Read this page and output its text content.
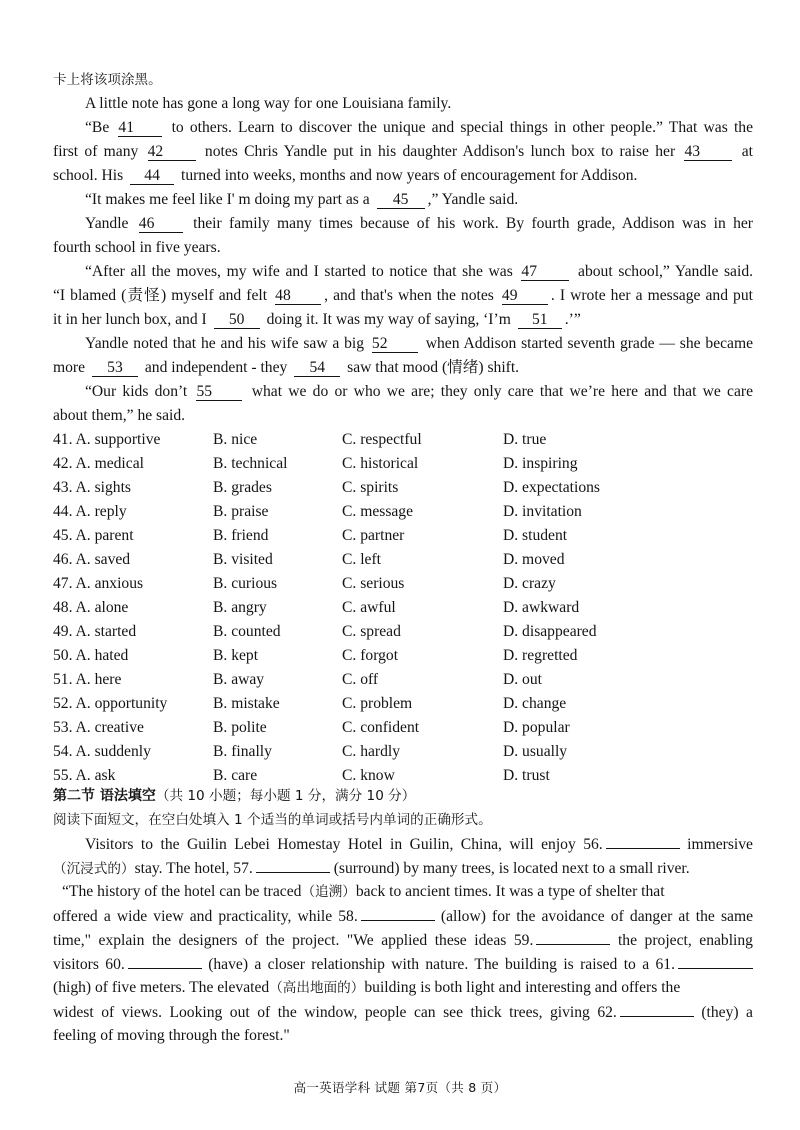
卡上将该项涂黑。
A little note has gone a long way for one Louisiana family.
“Be 41 to others. Learn to discover the unique and special things in other people.” That was the
first of many 42	notes Chris Yandle put in his daughter Addison's lunch box to raise her 43	at
school. His 44 turned into weeks, months and now years of encouragement for Addison.
“It makes me feel like I' m doing my part as a 45 ,” Yandle said.
Yandle 46 their family many times because of his work. By fourth grade, Addison was in her
fourth school in five years.
“After all the moves, my wife and I started to notice that she was 47	about school,” Yandle said.
“I blamed (责怪) myself and felt 48 , and that's when the notes 49 . I wrote her a message and put
it in her lunch box, and I 50 doing it. It was my way of saying, ‘I’m 51 .’”
Yandle noted that he and his wife saw a big 52 when Addison started seventh grade — she became
more 53 and independent - they 54 saw that mood (情绪) shift.
“Our kids don’t 55	what we do or who we are; they only care that we’re here and that we care
about them,” he said.
41. A. supportive	B. nice	C. respectful	D. true
42. A. medical	B. technical	C. historical	D. inspiring
43. A. sights	B. grades	C. spirits	D. expectations
44. A. reply	B. praise	C. message	D. invitation
45. A. parent	B. friend	C. partner	D. student
46. A. saved	B. visited	C. left	D. moved
47. A. anxious	B. curious	C. serious	D. crazy
48. A. alone	B. angry	C. awful	D. awkward
49. A. started	B. counted	C. spread	D. disappeared
50. A. hated	B. kept	C. forgot	D. regretted
51. A. here	B. away	C. off	D. out
52. A. opportunity	B. mistake	C. problem	D. change
53. A. creative	B. polite	C. confident	D. popular
54. A. suddenly	B. finally	C. hardly	D. usually
55. A. ask	B. care	C. know	D. trust
第二节 语法填空（共 10 小题；每小题 1 分，满分 10 分）
阅读下面短文，在空白处填入 1 个适当的单词或括号内单词的正确形式。
Visitors to the Guilin Lebei Homestay Hotel in Guilin, China, will enjoy 56.	immersive
（沉浸式的）stay. The hotel, 57.	(surround) by many trees, is located next to a small river.
“The history of the hotel can be traced（追溯）back to ancient times. It was a type of shelter that
offered a wide view and practicality, while 58.	(allow) for the avoidance of danger at the same
time," explain the designers of the project. "We applied these ideas 59.	the project, enabling
visitors 60.	(have) a closer relationship with nature. The building is raised to a 61.
(high) of five meters. The elevated（高出地面的）building is both light and interesting and offers the
widest of views. Looking out of the window, people can see thick trees, giving 62.	(they) a
feeling of moving through the forest."
高一英语学科 试题 第7页（共 8 页）
